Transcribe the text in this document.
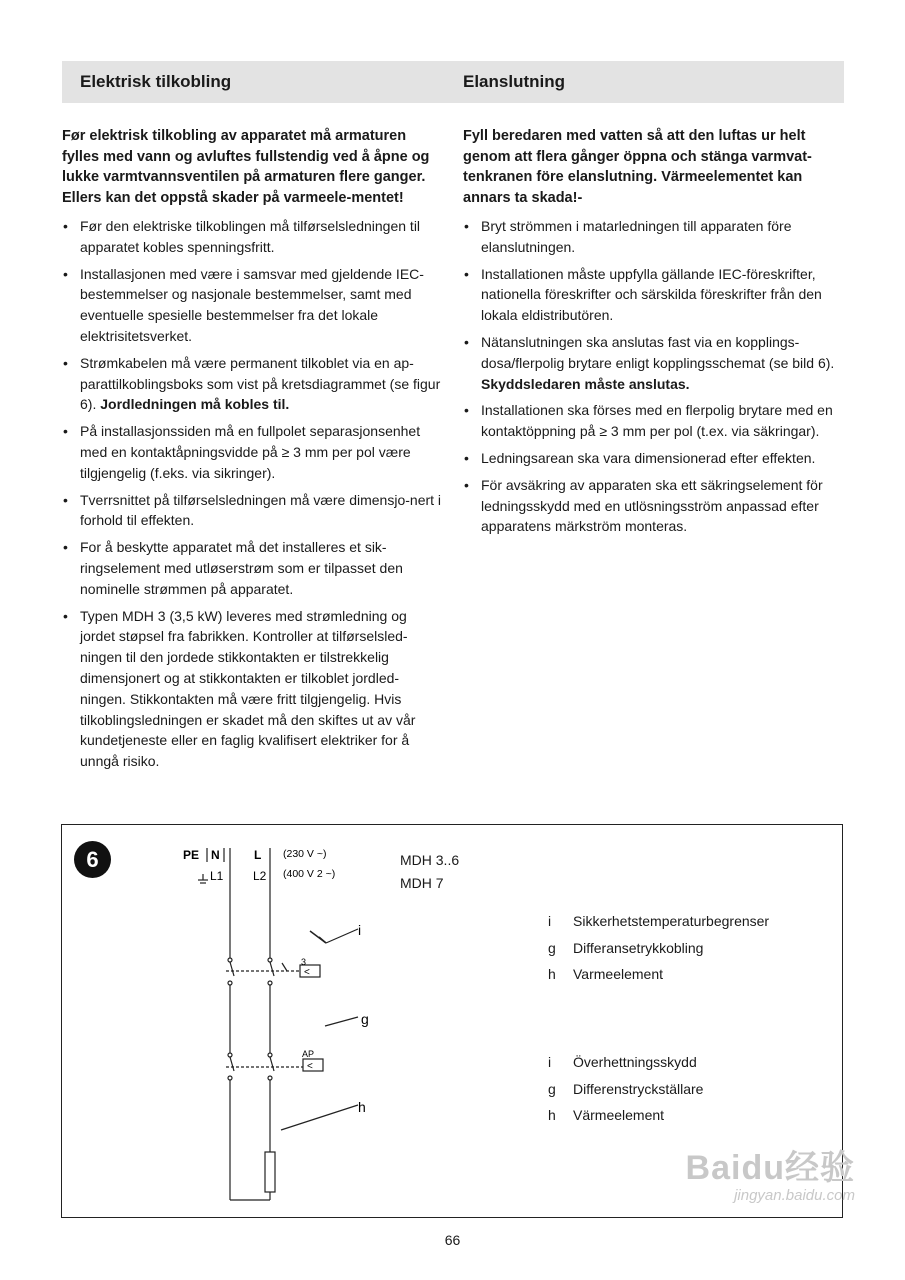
Elektrisk tilkobling	Elanslutning

Før elektrisk tilkobling av apparatet må armaturen fylles med vann og avluftes fullstendig ved å åpne og lukke varmtvannsventilen på armaturen flere ganger. Ellers kan det oppstå skader på varmeele-mentet!

• Før den elektriske tilkoblingen må tilførselsledningen til apparatet kobles spenningsfritt.
• Installasjonen med være i samsvar med gjeldende IEC-bestemmelser og nasjonale bestemmelser, samt med eventuelle spesielle bestemmelser fra det lokale elektrisitetsverket.
• Strømkabelen må være permanent tilkoblet via en ap-parattilkoblingsboks som vist på kretsdiagrammet (se figur 6). Jordledningen må kobles til.
• På installasjonssiden må en fullpolet separasjonsenhet med en kontaktåpningsvidde på ≥ 3 mm per pol være tilgjengelig (f.eks. via sikringer).
• Tverrsnittet på tilførselsledningen må være dimensjo-nert i forhold til effekten.
• For å beskytte apparatet må det installeres et sik-ringselement med utløserstrøm som er tilpasset den nominelle strømmen på apparatet.
• Typen MDH 3 (3,5 kW) leveres med strømledning og jordet støpsel fra fabrikken. Kontroller at tilførselsled-ningen til den jordede stikkontakten er tilstrekkelig dimensjonert og at stikkontakten er tilkoblet jordled-ningen. Stikkontakten må være fritt tilgjengelig. Hvis tilkoblingsledningen er skadet må den skiftes ut av vår kundetjeneste eller en faglig kvalifisert elektriker for å unngå risiko.

Fyll beredaren med vatten så att den luftas ur helt genom att flera gånger öppna och stänga varmvat-tenkranen före elanslutning. Värmeelementet kan annars ta skada!-

• Bryt strömmen i matarledningen till apparaten före elanslutningen.
• Installationen måste uppfylla gällande IEC-föreskrifter, nationella föreskrifter och särskilda föreskrifter från den lokala eldistributören.
• Nätanslutningen ska anslutas fast via en kopplings-dosa/flerpolig brytare enligt kopplingsschemat (se bild 6). Skyddsledaren måste anslutas.
• Installationen ska förses med en flerpolig brytare med en kontaktöppning på ≥ 3 mm per pol (t.ex. via säkringar).
• Ledningsarean ska vara dimensionerad efter effekten.
• För avsäkring av apparaten ska ett säkringselement för ledningsskydd med en utlösningsström anpassad efter apparatens märkström monteras.
6	PE N	L
L1 L2
(230 V ~)
(400 V 2 ~)
3
<
AP
<
i
g
h
MDH 3..6
MDH 7
i Sikkerhetstemperaturbegrenser
g Differansetrykkobling
h Varmeelement
i Överhettningsskydd
g Differenstryckställare
h Värmeelement
Baidu经验
jingyan.baidu.com
66
